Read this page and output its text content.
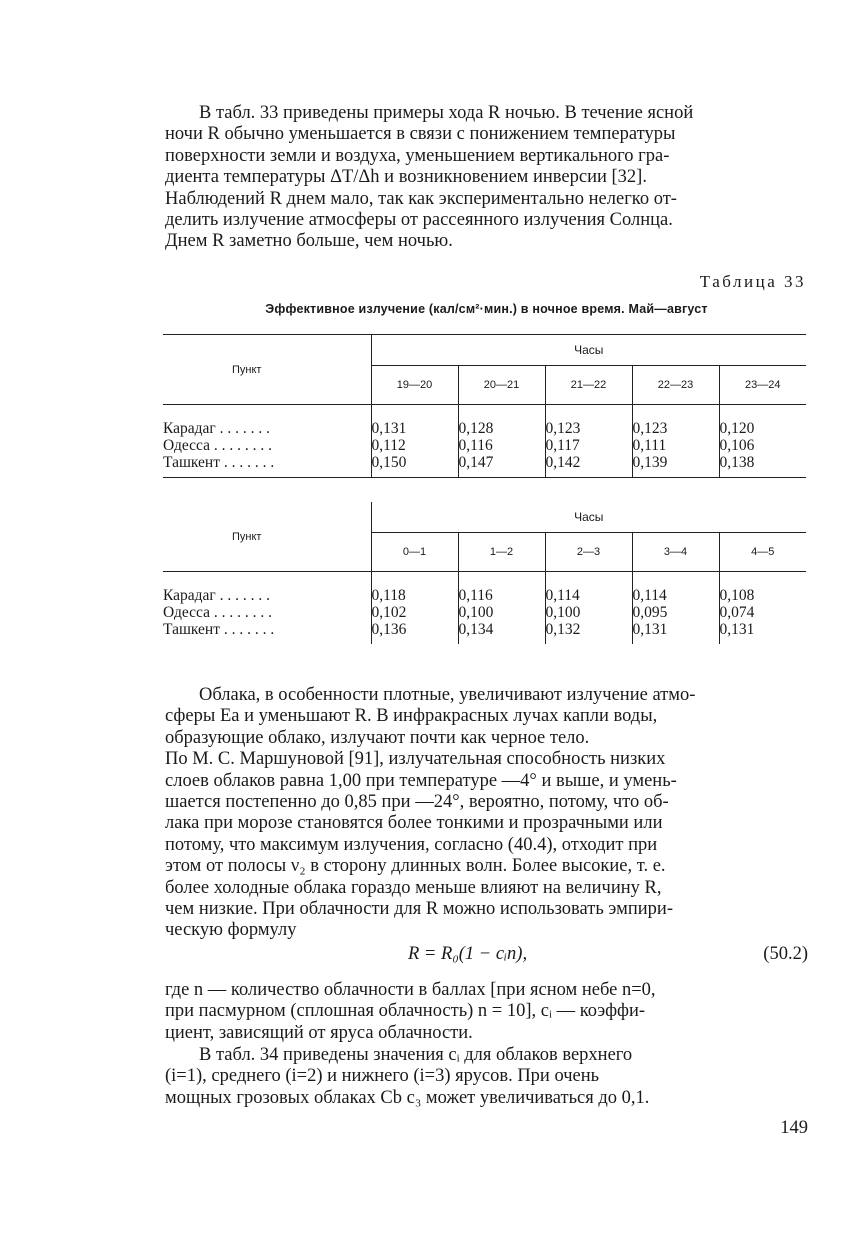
В табл. 33 приведены примеры хода R ночью. В течение ясной
ночи R обычно уменьшается в связи с понижением температуры
поверхности земли и воздуха, уменьшением вертикального гра-
диента температуры ΔT/Δh и возникновением инверсии [32].
Наблюдений R днем мало, так как экспериментально нелегко от-
делить излучение атмосферы от рассеянного излучения Солнца.
Днем R заметно больше, чем ночью.
Таблица 33
Эффективное излучение (кал/см²·мин.) в ночное время. Май—август
Пункт	Часы				
	19—20	20—21	21—22	22—23	23—24
Карадаг . . . . . . .	0,131	0,128	0,123	0,123	0,120
Одесса . . . . . . . .	0,112	0,116	0,117	0,111	0,106
Ташкент . . . . . . .	0,150	0,147	0,142	0,139	0,138
Пункт	Часы				
	0—1	1—2	2—3	3—4	4—5
Карадаг . . . . . . .	0,118	0,116	0,114	0,114	0,108
Одесса . . . . . . . .	0,102	0,100	0,100	0,095	0,074
Ташкент . . . . . . .	0,136	0,134	0,132	0,131	0,131
Облака, в особенности плотные, увеличивают излучение атмо-
сферы Eа и уменьшают R. В инфракрасных лучах капли воды,
образующие облако, излучают почти как черное тело.
По М. С. Маршуновой [91], излучательная способность низких
слоев облаков равна 1,00 при температуре —4° и выше, и умень-
шается постепенно до 0,85 при —24°, вероятно, потому, что об-
лака при морозе становятся более тонкими и прозрачными или
потому, что максимум излучения, согласно (40.4), отходит при
этом от полосы ν₂ в сторону длинных волн. Более высокие, т. е.
более холодные облака гораздо меньше влияют на величину R,
чем низкие. При облачности для R можно использовать эмпири-
ческую формулу
R = R₀(1 − cᵢn),	(50.2)
где n — количество облачности в баллах [при ясном небе n=0,
при пасмурном (сплошная облачность) n = 10], cᵢ — коэффи-
циент, зависящий от яруса облачности.
В табл. 34 приведены значения cᵢ для облаков верхнего
(i=1), среднего (i=2) и нижнего (i=3) ярусов. При очень
мощных грозовых облаках Cb c₃ может увеличиваться до 0,1.
149
